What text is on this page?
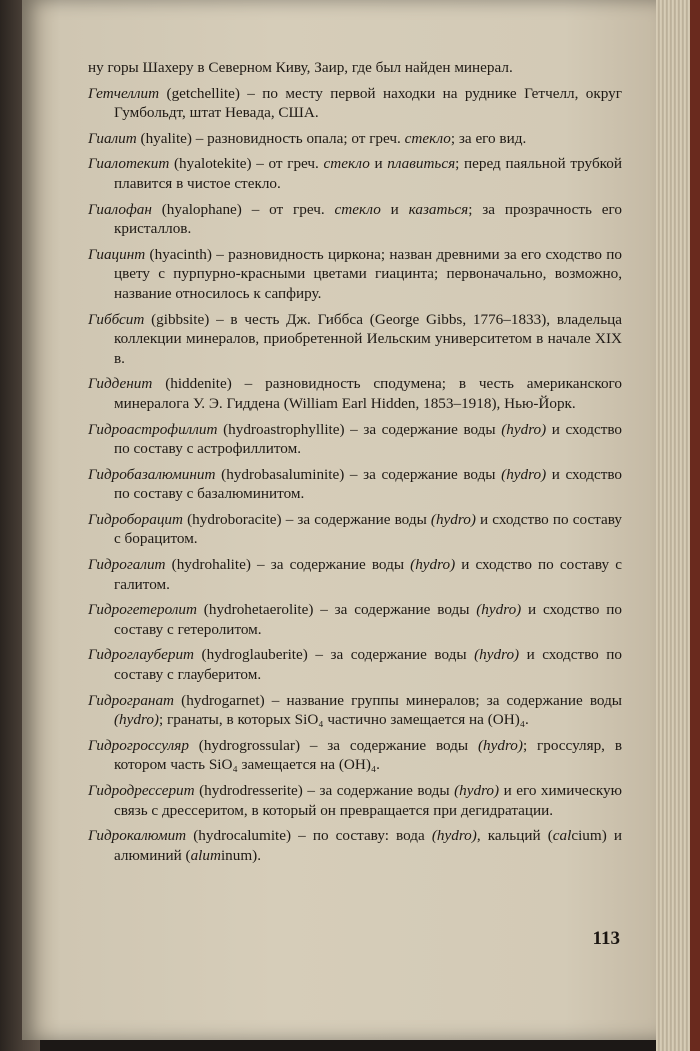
ну горы Шахеру в Северном Киву, Заир, где был найден минерал.

Гетчеллит (getchellite) – по месту первой находки на руднике Гетчелл, округ Гумбольдт, штат Невада, США.

Гиалит (hyalite) – разновидность опала; от греч. стекло; за его вид.

Гиалотекит (hyalotekite) – от греч. стекло и плавиться; перед паяльной трубкой плавится в чистое стекло.

Гиалофан (hyalophane) – от греч. стекло и казаться; за прозрачность его кристаллов.

Гиацинт (hyacinth) – разновидность циркона; назван древними за его сходство по цвету с пурпурно-красными цветами гиацинта; первоначально, возможно, название относилось к сапфиру.

Гиббсит (gibbsite) – в честь Дж. Гиббса (George Gibbs, 1776–1833), владельца коллекции минералов, приобретенной Иельским университетом в начале XIX в.

Гидденит (hiddenite) – разновидность сподумена; в честь американского минералога У. Э. Гиддена (William Earl Hidden, 1853–1918), Нью-Йорк.

Гидроастрофиллит (hydroastrophyllite) – за содержание воды (hydro) и сходство по составу с астрофиллитом.

Гидробазалюминит (hydrobasaluminite) – за содержание воды (hydro) и сходство по составу с базалюминитом.

Гидроборацит (hydroboracite) – за содержание воды (hydro) и сходство по составу с борацитом.

Гидрогалит (hydrohalite) – за содержание воды (hydro) и сходство по составу с галитом.

Гидрогетеролит (hydrohetaerolite) – за содержание воды (hydro) и сходство по составу с гетеролитом.

Гидроглауберит (hydroglauberite) – за содержание воды (hydro) и сходство по составу с глауберитом.

Гидрогранат (hydrogarnet) – название группы минералов; за содержание воды (hydro); гранаты, в которых SiO₄ частично замещается на (OH)₄.

Гидрогроссуляр (hydrogrossular) – за содержание воды (hydro); гроссуляр, в котором часть SiO₄ замещается на (OH)₄.

Гидродрессерит (hydrodresserite) – за содержание воды (hydro) и его химическую связь с дрессеритом, в который он превращается при дегидратации.

Гидрокалюмит (hydrocalumite) – по составу: вода (hydro), кальций (calcium) и алюминий (aluminum).

113
